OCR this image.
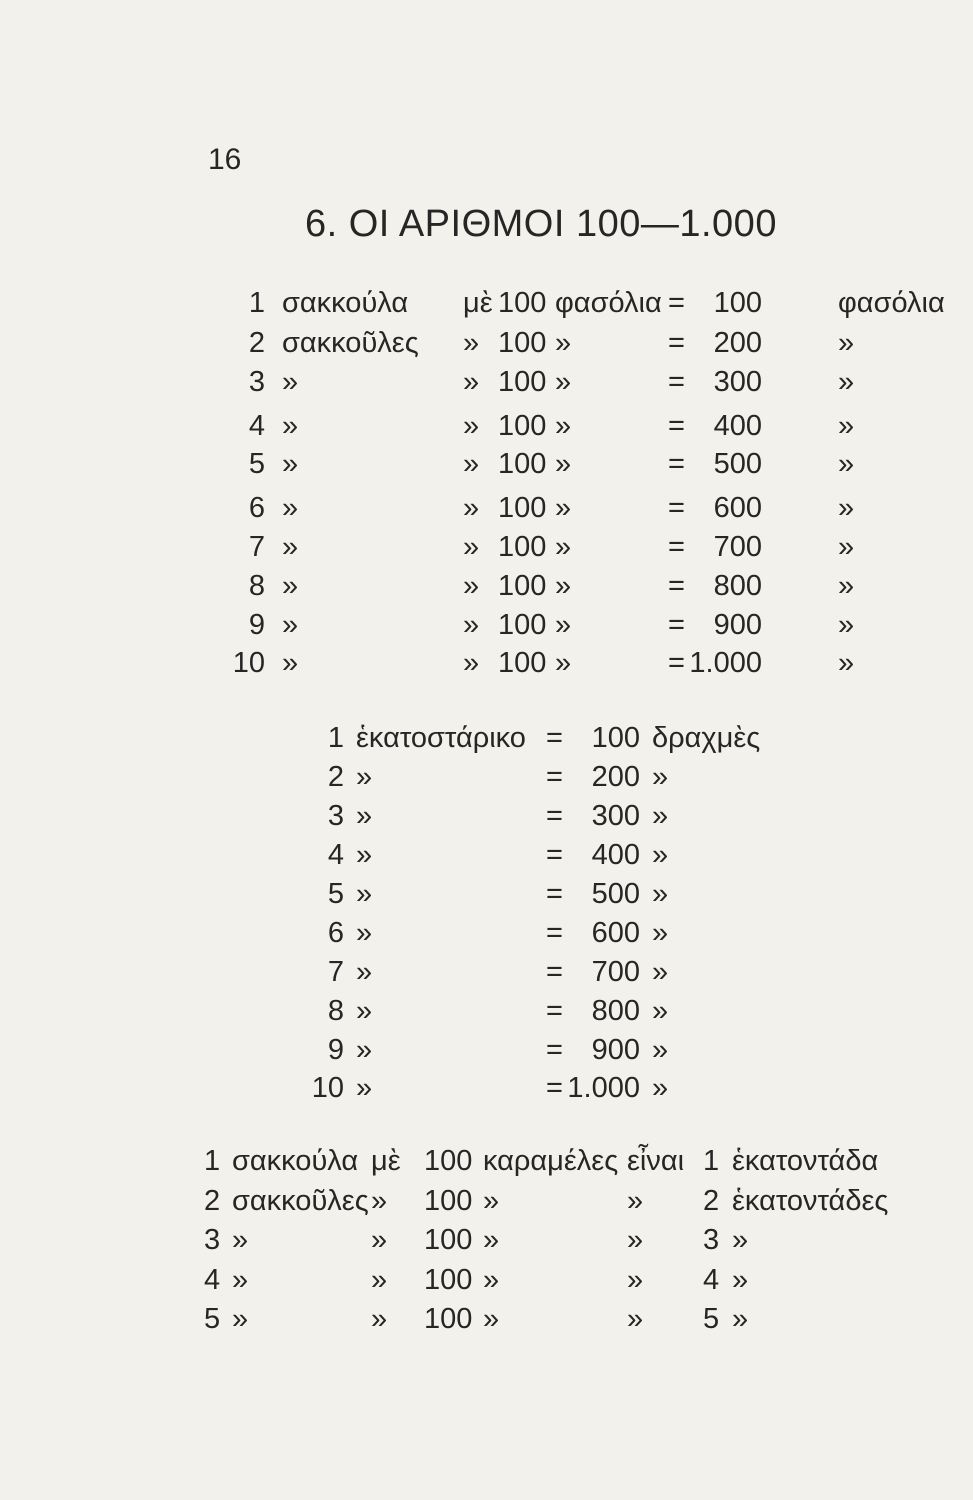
16
6. ΟΙ ΑΡΙΘΜΟΙ 100—1.000
1 σακκούλα μὲ 100 φασόλια = 100	φασόλια
2 σακκοῦλες » 100 »	= 200	»
3 »	» 100 »	= 300	»
4 »	» 100 »	= 400	»
5 »	» 100 »	= 500	»
6 »	» 100 »	= 600	»
7 »	» 100 »	= 700	»
8 »	» 100 »	= 800	»
9 »	» 100 »	= 900	»
10 »	» 100 »	= 1.000	»
1 ἑκατοστάρικο = 100 δραχμὲς
2 »	= 200 »
3 »	= 300 »
4 »	= 400 »
5 »	= 500 »
6 »	= 600 »
7 »	= 700 »
8 »	= 800 »
9 »	= 900 »
10 »	= 1.000 »
1 σακκούλα μὲ 100 καραμέλες εἶναι 1 ἑκατοντάδα
2 σακκοῦλες » 100 »	» 2 ἑκατοντάδες
3 »	» 100 »	» 3 »
4 »	» 100 »	» 4 »
5 »	» 100 »	» 5 »
